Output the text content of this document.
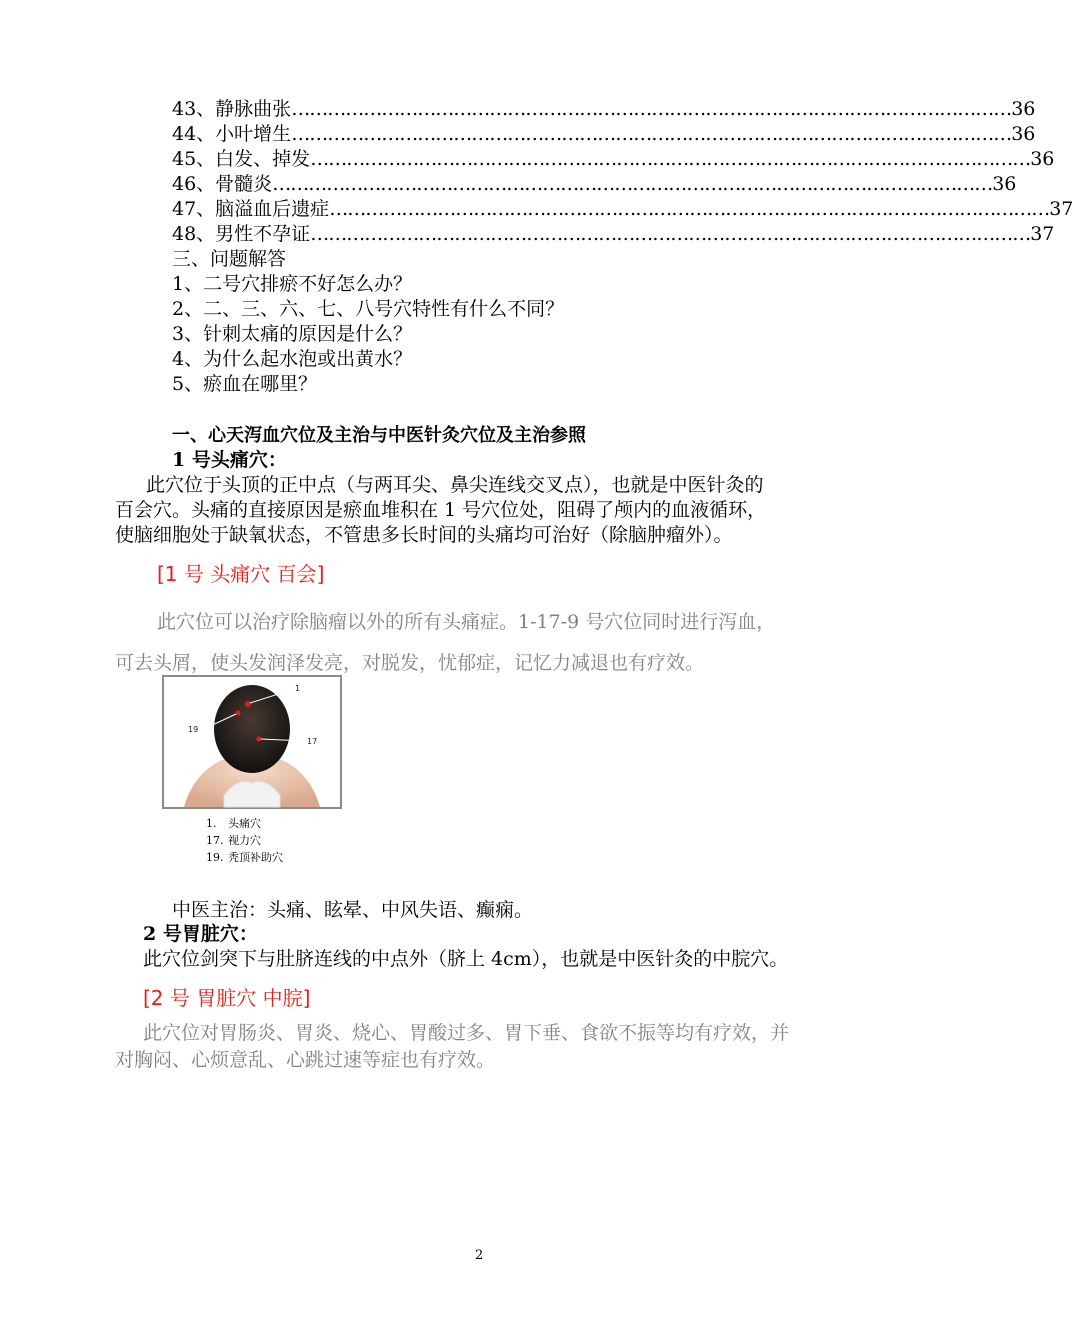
43、静脉曲张 ………………………………………………………………………………………………………… 36
44、小叶增生 ………………………………………………………………………………………………………… 36
45、白发、掉发 ………………………………………………………………………………………………………… 36
46、骨髓炎 ………………………………………………………………………………………………………… 36
47、脑溢血后遗症 ………………………………………………………………………………………………………… 37
48、男性不孕证 ………………………………………………………………………………………………………… 37
三、问题解答
1、二号穴排瘀不好怎么办？
2、二、三、六、七、八号穴特性有什么不同？
3、针刺太痛的原因是什么？
4、为什么起水泡或出黄水？
5、瘀血在哪里？
一、心天泻血穴位及主治与中医针灸穴位及主治参照
1 号头痛穴：
此穴位于头顶的正中点（与两耳尖、鼻尖连线交叉点），也就是中医针灸的
百会穴。头痛的直接原因是瘀血堆积在 1 号穴位处，阻碍了颅内的血液循环，
使脑细胞处于缺氧状态，不管患多长时间的头痛均可治好（除脑肿瘤外）。
[1 号 头痛穴 百会]
此穴位可以治疗除脑瘤以外的所有头痛症。1-17-9 号穴位同时进行泻血，
可去头屑，使头发润泽发亮，对脱发，忧郁症，记忆力减退也有疗效。
1
19
17
1. 头痛穴
17. 视力穴
19. 秃顶补助穴
中医主治：头痛、眩晕、中风失语、癫痫。
2 号胃脏穴：
此穴位剑突下与肚脐连线的中点外（脐上 4cm），也就是中医针灸的中脘穴。
[2 号 胃脏穴 中脘]
此穴位对胃肠炎、胃炎、烧心、胃酸过多、胃下垂、食欲不振等均有疗效，并
对胸闷、心烦意乱、心跳过速等症也有疗效。
2
